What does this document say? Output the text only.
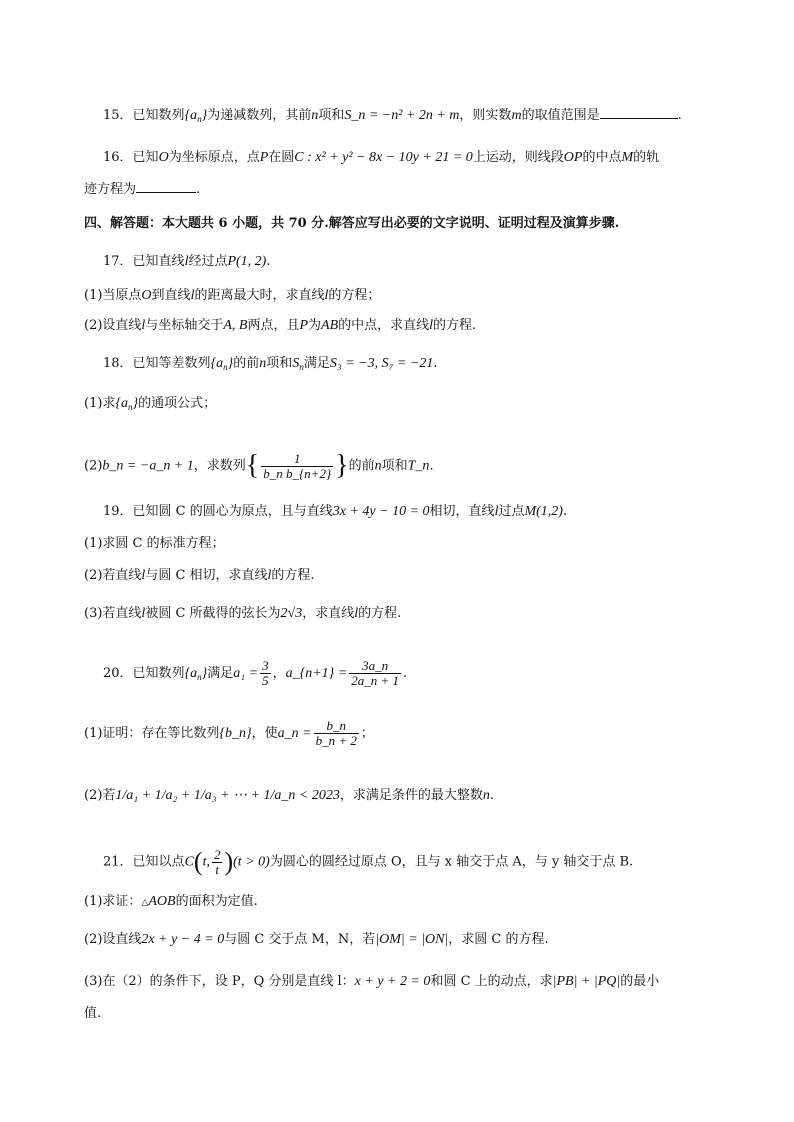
15．已知数列$\{a_n\}$为递减数列，其前n项和S_n = −n² + 2n + m，则实数m的取值范围是	.
16．已知O为坐标原点，点P在圆C : x² + y² − 8x − 10y + 21 = 0上运动，则线段OP的中点M的轨
迹方程为	.
四、解答题：本大题共 6 小题，共 70 分.解答应写出必要的文字说明、证明过程及演算步骤.
17．已知直线l经过点P(1, 2).
(1)当原点O到直线l的距离最大时，求直线l的方程；
(2)设直线l与坐标轴交于A, B两点，且P为AB的中点，求直线l的方程.
18．已知等差数列$\{a_n\}$的前n项和$S_n$满足S₃ = −3, S₇ = −21.
(1)求$\{a_n\}$的通项公式；
(2)b_n = −a_n + 1，求数列{ $\frac{1}{\text{b\_n b\_\{n+2\}}}$ }的前n项和T_n.
19．已知圆 C 的圆心为原点，且与直线3x + 4y − 10 = 0相切，直线l过点M(1,2).
(1)求圆 C 的标准方程；
(2)若直线l与圆 C 相切，求直线l的方程.
(3)若直线l被圆 C 所截得的弦长为2√3，求直线l的方程.
20．已知数列$\{a_n\}$满足$a_1 = \frac{3}{5}$ ，a_{n+1} = $\frac{3a\_n}{2a\_n + 1}$ .
(1)证明：存在等比数列{b_n}，使a_n = $\frac{b\_n}{b\_n + 2}$ ；
(2)若1/a₁ + 1/a₂ + 1/a₃ + ⋯ + 1/a_n < 2023，求满足条件的最大整数n.
21．已知以点C(t, $\frac{2}{t} )(t > 0)$为圆心的圆经过原点 O，且与 x 轴交于点 A，与 y 轴交于点 B.
(1)求证：△AOB的面积为定值.
(2)设直线2x + y − 4 = 0与圆 C 交于点 M，N，若|OM| = |ON|，求圆 C 的方程.
(3)在（2）的条件下，设 P，Q 分别是直线 l：x + y + 2 = 0和圆 C 上的动点，求|PB| + |PQ|的最小
值.
